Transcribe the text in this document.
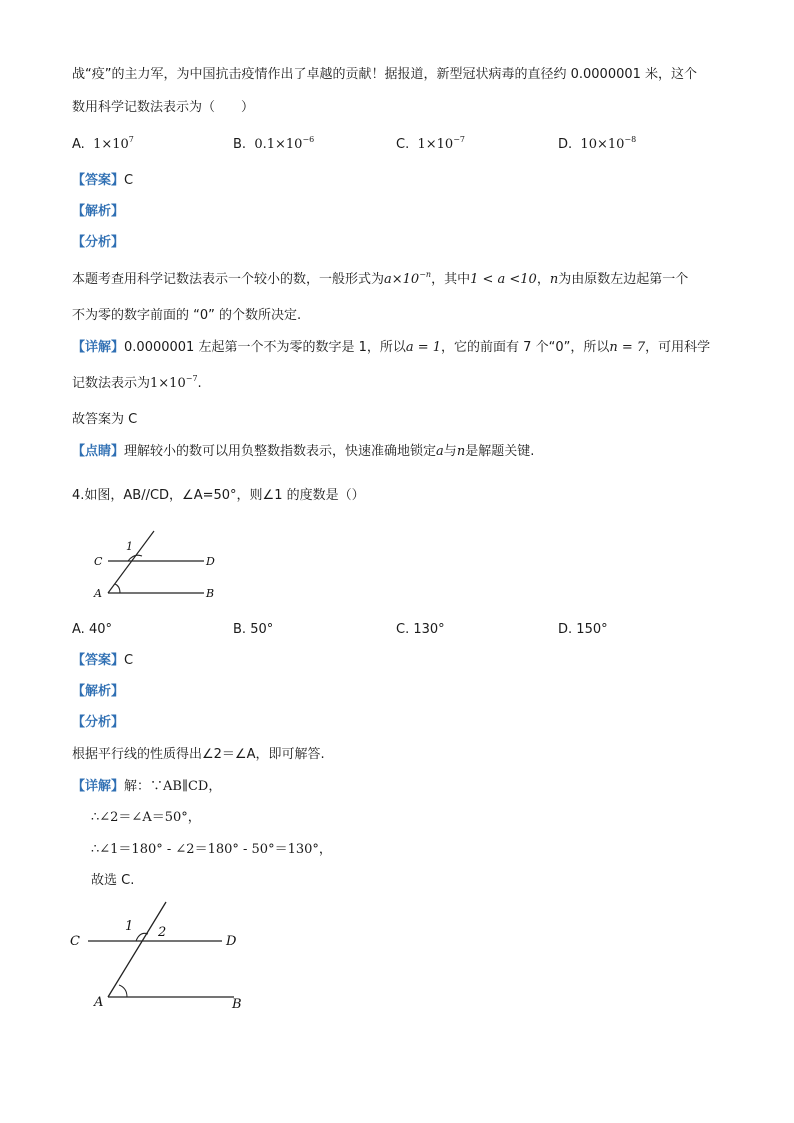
战“疫”的主力军，为中国抗击疫情作出了卓越的贡献！据报道，新型冠状病毒的直径约 0.0000001 米，这个
数用科学记数法表示为（　　）
A. $1\times 10^7$	B. $0.1\times 10^{-6}$	C. $1\times 10^{-7}$	D. $10\times 10^{-8}$
【答案】C
【解析】
【分析】
本题考查用科学记数法表示一个较小的数，一般形式为$a\times 10^{-n}$，其中1 < a <10，n为由原数左边起第一个
不为零的数字前面的 “0” 的个数所决定.
【详解】0.0000001 左起第一个不为零的数字是 1，所以a = 1，它的前面有 7 个“0”，所以n = 7，可用科学
记数法表示为$1\times 10^{-7}$.
故答案为 C
【点睛】理解较小的数可以用负整数指数表示，快速准确地锁定a与n是解题关键.
4.如图，AB//CD，∠A=50°，则∠1 的度数是（）
1
C	D
A	B
A. 40°	B. 50°	C. 130°	D. 150°
【答案】C
【解析】
【分析】
根据平行线的性质得出∠2＝∠A，即可解答.
【详解】解：∵AB∥CD，
∴∠2＝∠A＝50°，
∴∠1＝180° - ∠2＝180° - 50°＝130°，
故选 C.
1 2
C	D
A	B
